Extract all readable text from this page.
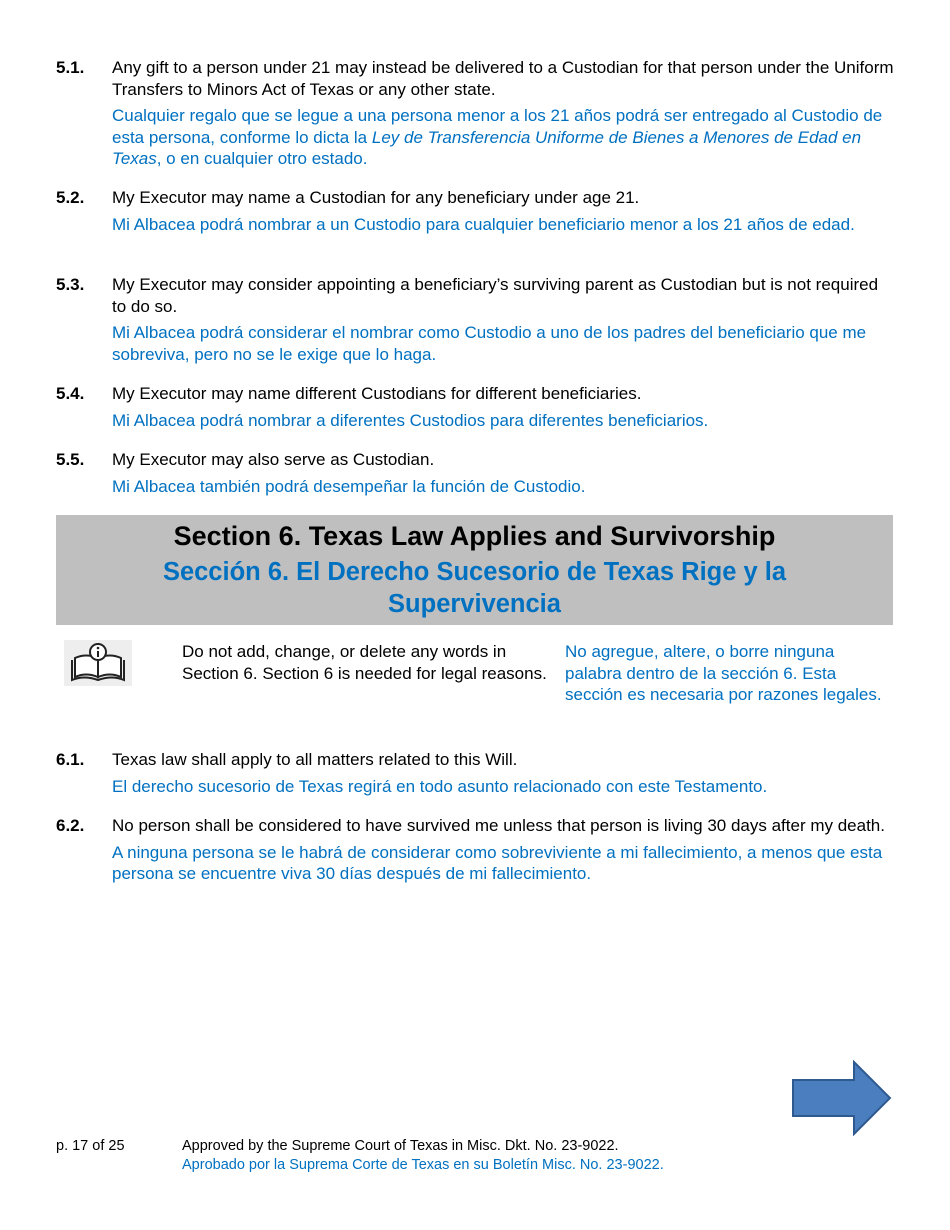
5.1. Any gift to a person under 21 may instead be delivered to a Custodian for that person under the Uniform Transfers to Minors Act of Texas or any other state.
Cualquier regalo que se legue a una persona menor a los 21 años podrá ser entregado al Custodio de esta persona, conforme lo dicta la Ley de Transferencia Uniforme de Bienes a Menores de Edad en Texas, o en cualquier otro estado.
5.2. My Executor may name a Custodian for any beneficiary under age 21.
Mi Albacea podrá nombrar a un Custodio para cualquier beneficiario menor a los 21 años de edad.
5.3. My Executor may consider appointing a beneficiary’s surviving parent as Custodian but is not required to do so.
Mi Albacea podrá considerar el nombrar como Custodio a uno de los padres del beneficiario que me sobreviva, pero no se le exige que lo haga.
5.4. My Executor may name different Custodians for different beneficiaries.
Mi Albacea podrá nombrar a diferentes Custodios para diferentes beneficiarios.
5.5. My Executor may also serve as Custodian.
Mi Albacea también podrá desempeñar la función de Custodio.
Section 6. Texas Law Applies and Survivorship
Sección 6. El Derecho Sucesorio de Texas Rige y la Supervivencia
Do not add, change, or delete any words in Section 6. Section 6 is needed for legal reasons.
No agregue, altere, o borre ninguna palabra dentro de la sección 6. Esta sección es necesaria por razones legales.
6.1. Texas law shall apply to all matters related to this Will.
El derecho sucesorio de Texas regirá en todo asunto relacionado con este Testamento.
6.2. No person shall be considered to have survived me unless that person is living 30 days after my death.
A ninguna persona se le habrá de considerar como sobreviviente a mi fallecimiento, a menos que esta persona se encuentre viva 30 días después de mi fallecimiento.
p. 17 of 25	Approved by the Supreme Court of Texas in Misc. Dkt. No. 23-9022.
Aprobado por la Suprema Corte de Texas en su Boletín Misc. No. 23-9022.
